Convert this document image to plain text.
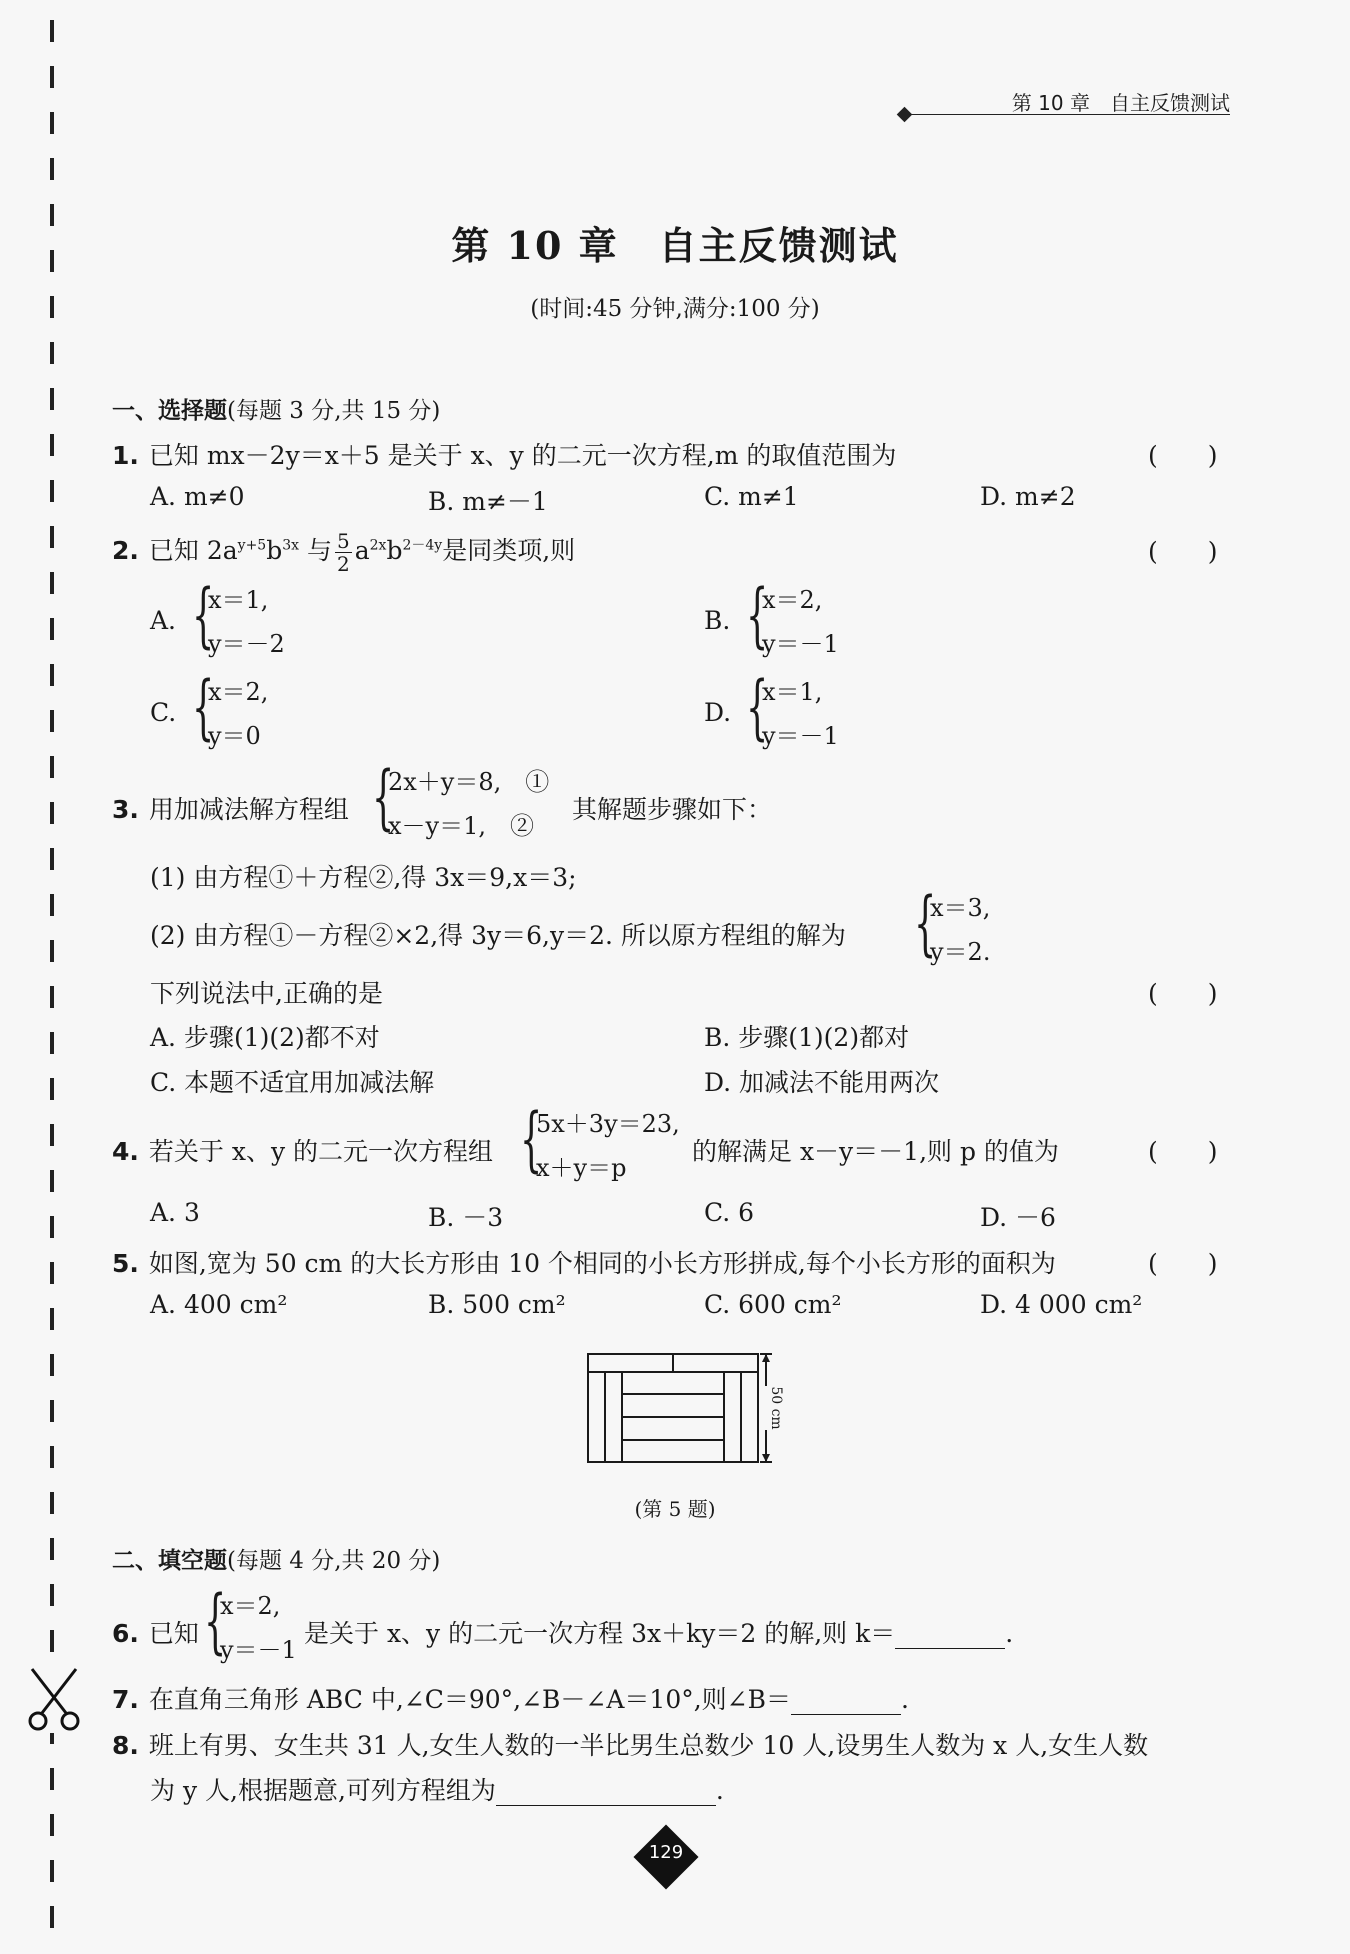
第 10 章　自主反馈测试
第 10 章　自主反馈测试
(时间:45 分钟,满分:100 分)
一、选择题(每题 3 分,共 15 分)
1. 已知 mx－2y＝x＋5 是关于 x、y 的二元一次方程,m 的取值范围为	(　　)
A. m≠0	B. m≠－1	C. m≠1	D. m≠2
2. 已知 $2a^{y+5}b^{3x}$ 与 $\frac{5}{2} a^{2x}b^{2-4y}$是同类项,则	(　　)
A. {
x＝1,
y＝－2
B. {
x＝2,
y＝－1
C. {
x＝2,
y＝0
D. {
x＝1,
y＝－1
3. 用加减法解方程组 {
2x＋y＝8,　①
x－y＝1,　②
其解题步骤如下：
(1) 由方程①＋方程②,得 3x＝9,x＝3;
(2) 由方程①－方程②×2,得 3y＝6,y＝2. 所以原方程组的解为 {
x＝3,
y＝2.
下列说法中,正确的是	(　　)
A. 步骤(1)(2)都不对	B. 步骤(1)(2)都对
C. 本题不适宜用加减法解	D. 加减法不能用两次
4. 若关于 x、y 的二元一次方程组 {
5x＋3y＝23,
x＋y＝p
的解满足 x－y＝－1,则 p 的值为	(　　)
A. 3	B. －3	C. 6	D. －6
5. 如图,宽为 50 cm 的大长方形由 10 个相同的小长方形拼成,每个小长方形的面积为	(　　)
A. 400 cm²	B. 500 cm²	C. 600 cm²	D. 4 000 cm²
50 cm
(第 5 题)
二、填空题(每题 4 分,共 20 分)
6. 已知 {
x＝2,
y＝－1
是关于 x、y 的二元一次方程 3x＋ky＝2 的解,则 k＝	.
7. 在直角三角形 ABC 中,∠C＝90°,∠B－∠A＝10°,则∠B＝	.
8. 班上有男、女生共 31 人,女生人数的一半比男生总数少 10 人,设男生人数为 x 人,女生人数
为 y 人,根据题意,可列方程组为	.
129
